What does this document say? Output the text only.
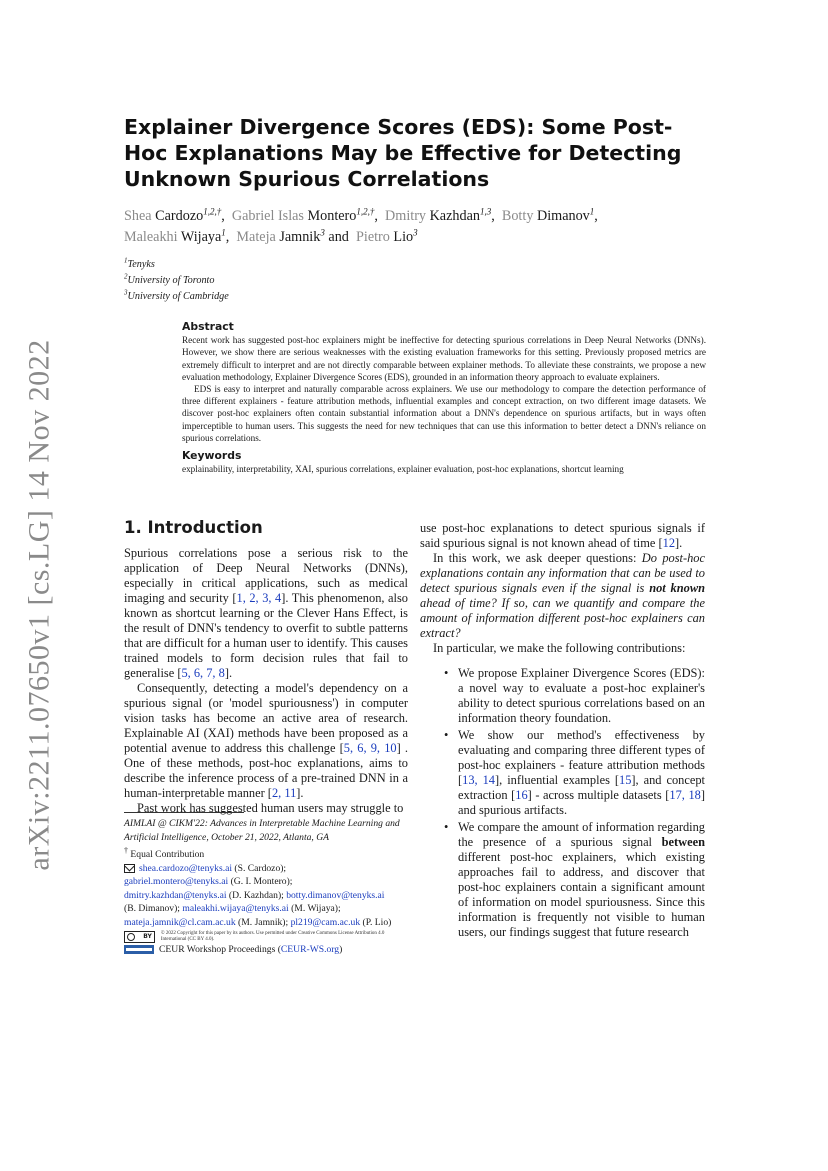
arXiv:2211.07650v1 [cs.LG] 14 Nov 2022
Explainer Divergence Scores (EDS): Some Post-Hoc Explanations May be Effective for Detecting Unknown Spurious Correlations
Shea Cardozo$^{1,2,\dagger}$,  Gabriel Islas Montero$^{1,2,\dagger}$,  Dmitry Kazhdan$^{1,3}$,  Botty Dimanov$^1$,
Maleakhi Wijaya$^1$,  Mateja Jamnik$^3$ and Pietro Lio$^3$
$^1$Tenyks
$^2$University of Toronto
$^3$University of Cambridge
Abstract

Recent work has suggested post-hoc explainers might be ineffective for detecting spurious correlations in Deep Neural Networks (DNNs). However, we show there are serious weaknesses with the existing evaluation frameworks for this setting. Previously proposed metrics are extremely difficult to interpret and are not directly comparable between explainer methods. To alleviate these constraints, we propose a new evaluation methodology, Explainer Divergence Scores (EDS), grounded in an information theory approach to evaluate explainers.

EDS is easy to interpret and naturally comparable across explainers. We use our methodology to compare the detection performance of three different explainers - feature attribution methods, influential examples and concept extraction, on two different image datasets. We discover post-hoc explainers often contain substantial information about a DNN's dependence on spurious artifacts, but in ways often imperceptible to human users. This suggests the need for new techniques that can use this information to better detect a DNN's reliance on spurious correlations.

Keywords

explainability, interpretability, XAI, spurious correlations, explainer evaluation, post-hoc explanations, shortcut learning

1. Introduction

Spurious correlations pose a serious risk to the application of Deep Neural Networks (DNNs), especially in critical applications, such as medical imaging and security [1, 2, 3, 4]. This phenomenon, also known as shortcut learning or the Clever Hans Effect, is the result of DNN's tendency to overfit to subtle patterns that are difficult for a human user to identify. This causes trained models to form decision rules that fail to generalise [5, 6, 7, 8].

Consequently, detecting a model's dependency on a spurious signal (or 'model spuriousness') in computer vision tasks has become an active area of research. Explainable AI (XAI) methods have been proposed as a potential avenue to address this challenge [5, 6, 9, 10] . One of these methods, post-hoc explanations, aims to describe the inference process of a pre-trained DNN in a human-interpretable manner [2, 11].

Past work has suggested human users may struggle to

AIMLAI @ CIKM'22: Advances in Interpretable Machine Learning and Artificial Intelligence, October 21, 2022, Atlanta, GA
† Equal Contribution
shea.cardozo@tenyks.ai (S. Cardozo);
gabriel.montero@tenyks.ai (G. I. Montero);
dmitry.kazhdan@tenyks.ai (D. Kazhdan); botty.dimanov@tenyks.ai
(B. Dimanov); maleakhi.wijaya@tenyks.ai (M. Wijaya);
mateja.jamnik@cl.cam.ac.uk (M. Jamnik); pl219@cam.ac.uk (P. Lio)
BY © 2022 Copyright for this paper by its authors. Use permitted under Creative Commons License Attribution 4.0 International (CC BY 4.0).
CEUR Workshop Proceedings (CEUR-WS.org)

use post-hoc explanations to detect spurious signals if said spurious signal is not known ahead of time [12].

In this work, we ask deeper questions: Do post-hoc explanations contain any information that can be used to detect spurious signals even if the signal is not known ahead of time? If so, can we quantify and compare the amount of information different post-hoc explainers can extract?

In particular, we make the following contributions:

• We propose Explainer Divergence Scores (EDS): a novel way to evaluate a post-hoc explainer's ability to detect spurious correlations based on an information theory foundation.
• We show our method's effectiveness by evaluating and comparing three different types of post-hoc explainers - feature attribution methods [13, 14], influential examples [15], and concept extraction [16] - across multiple datasets [17, 18] and spurious artifacts.
• We compare the amount of information regarding the presence of a spurious signal between different post-hoc explainers, which existing approaches fail to address, and discover that post-hoc explainers contain a significant amount of information on model spuriousness. Since this information is frequently not visible to human users, our findings suggest that future research
